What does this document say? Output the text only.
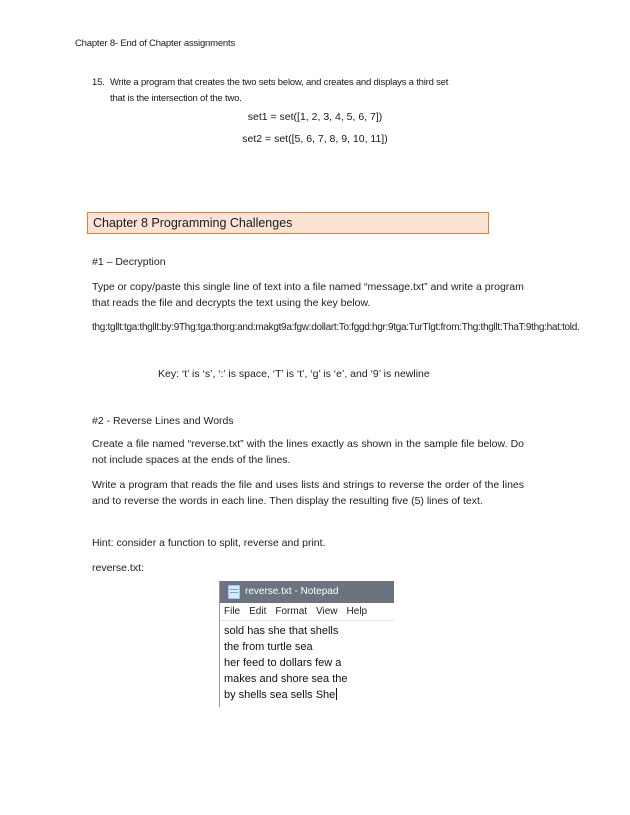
Chapter 8- End of Chapter assignments
15. Write a program that creates the two sets below, and creates and displays a third set
that is the intersection of the two.
set1 = set([1, 2, 3, 4, 5, 6, 7])
set2 = set([5, 6, 7, 8, 9, 10, 11])
Chapter 8 Programming Challenges
#1 – Decryption
Type or copy/paste this single line of text into a file named “message.txt” and write a program that reads the file and decrypts the text using the key below.
thg:tgllt:tga:thgllt:by:9Thg:tga:thorg:and:makgt9a:fgw:dollart:To:fggd:hgr:9tga:TurTlgt:from:Thg:thgllt:ThaT:9thg:hat:told.
Key: ‘t’ is ‘s’, ‘:’ is space, ‘T’ is ‘t’, ‘g’ is ‘e’, and ‘9’ is newline
#2 - Reverse Lines and Words
Create a file named “reverse.txt” with the lines exactly as shown in the sample file below. Do not include spaces at the ends of the lines.
Write a program that reads the file and uses lists and strings to reverse the order of the lines and to reverse the words in each line. Then display the resulting five (5) lines of text.
Hint: consider a function to split, reverse and print.
reverse.txt:
reverse.txt - Notepad
File Edit Format View Help
sold has she that shells
the from turtle sea
her feed to dollars few a
makes and shore sea the
by shells sea sells She
